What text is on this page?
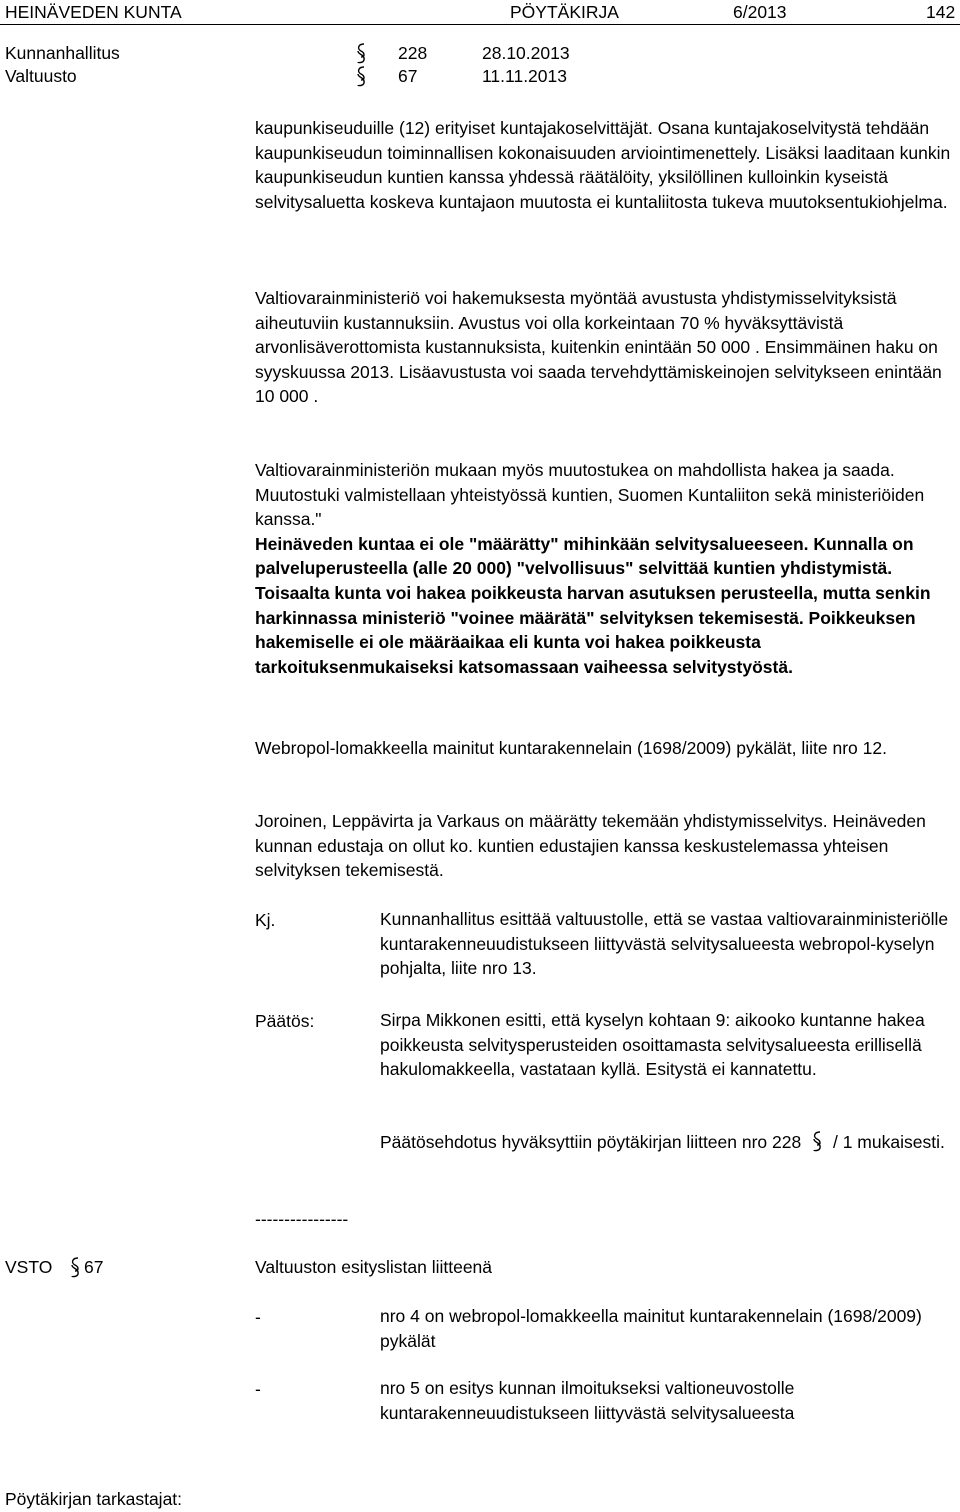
HEINÄVEDEN KUNTA	PÖYTÄKIRJA	6/2013	142
Kunnanhallitus	228	28.10.2013
Valtuusto	67	11.11.2013

kaupunkiseuduille (12) erityiset kuntajakoselvittäjät. Osana kuntajakoselvitystä tehdään kaupunkiseudun toiminnallisen kokonaisuuden arviointimenettely. Lisäksi laaditaan kunkin kaupunkiseudun kuntien kanssa yhdessä räätälöity, yksilöllinen kulloinkin kyseistä selvitysaluetta koskeva kuntajaon muutosta ei kuntaliitosta tukeva muutoksentukiohjelma.

Valtiovarainministeriö voi hakemuksesta myöntää avustusta yhdistymisselvityksistä aiheutuviin kustannuksiin. Avustus voi olla korkeintaan 70 % hyväksyttävistä arvonlisäverottomista kustannuksista, kuitenkin enintään 50 000 . Ensimmäinen haku on syyskuussa 2013. Lisäavustusta voi saada tervehdyttämiskeinojen selvitykseen enintään 10 000 .

Valtiovarainministeriön mukaan myös muutostukea on mahdollista hakea ja saada. Muutostuki valmistellaan yhteistyössä kuntien, Suomen Kuntaliiton sekä ministeriöiden kanssa."

Heinäveden kuntaa ei ole "määrätty" mihinkään selvitysalueeseen. Kunnalla on palveluperusteella (alle 20 000) "velvollisuus" selvittää kuntien yhdistymistä. Toisaalta kunta voi hakea poikkeusta harvan asutuksen perusteella, mutta senkin harkinnassa ministeriö "voinee määrätä" selvityksen tekemisestä. Poikkeuksen hakemiselle ei ole määräaikaa eli kunta voi hakea poikkeusta tarkoituksenmukaiseksi katsomassaan vaiheessa selvitystyöstä.

Webropol-lomakkeella mainitut kuntarakennelain (1698/2009) pykälät, liite nro 12.

Joroinen, Leppävirta ja Varkaus on määrätty tekemään yhdistymisselvitys. Heinäveden kunnan edustaja on ollut ko. kuntien edustajien kanssa keskustelemassa yhteisen selvityksen tekemisestä.

Kj.	Kunnanhallitus esittää valtuustolle, että se vastaa valtiovarainministeriölle kuntarakenneuudistukseen liittyvästä selvitysalueesta webropol-kyselyn pohjalta, liite nro 13.

Päätös:	Sirpa Mikkonen esitti, että kyselyn kohtaan 9: aikooko kuntanne hakea poikkeusta selvitysperusteiden osoittamasta selvitysalueesta erillisellä hakulomakkeella, vastataan kyllä. Esitystä ei kannatettu.

Päätösehdotus hyväksyttiin pöytäkirjan liitteen nro 228 / 1 mukaisesti.

----------------
VSTO 67	Valtuuston esityslistan liitteenä
-	nro 4 on webropol-lomakkeella mainitut kuntarakennelain (1698/2009) pykälät

-	nro 5 on esitys kunnan ilmoitukseksi valtioneuvostolle kuntarakenneuudistukseen liittyvästä selvitysalueesta

Pöytäkirjan tarkastajat:
